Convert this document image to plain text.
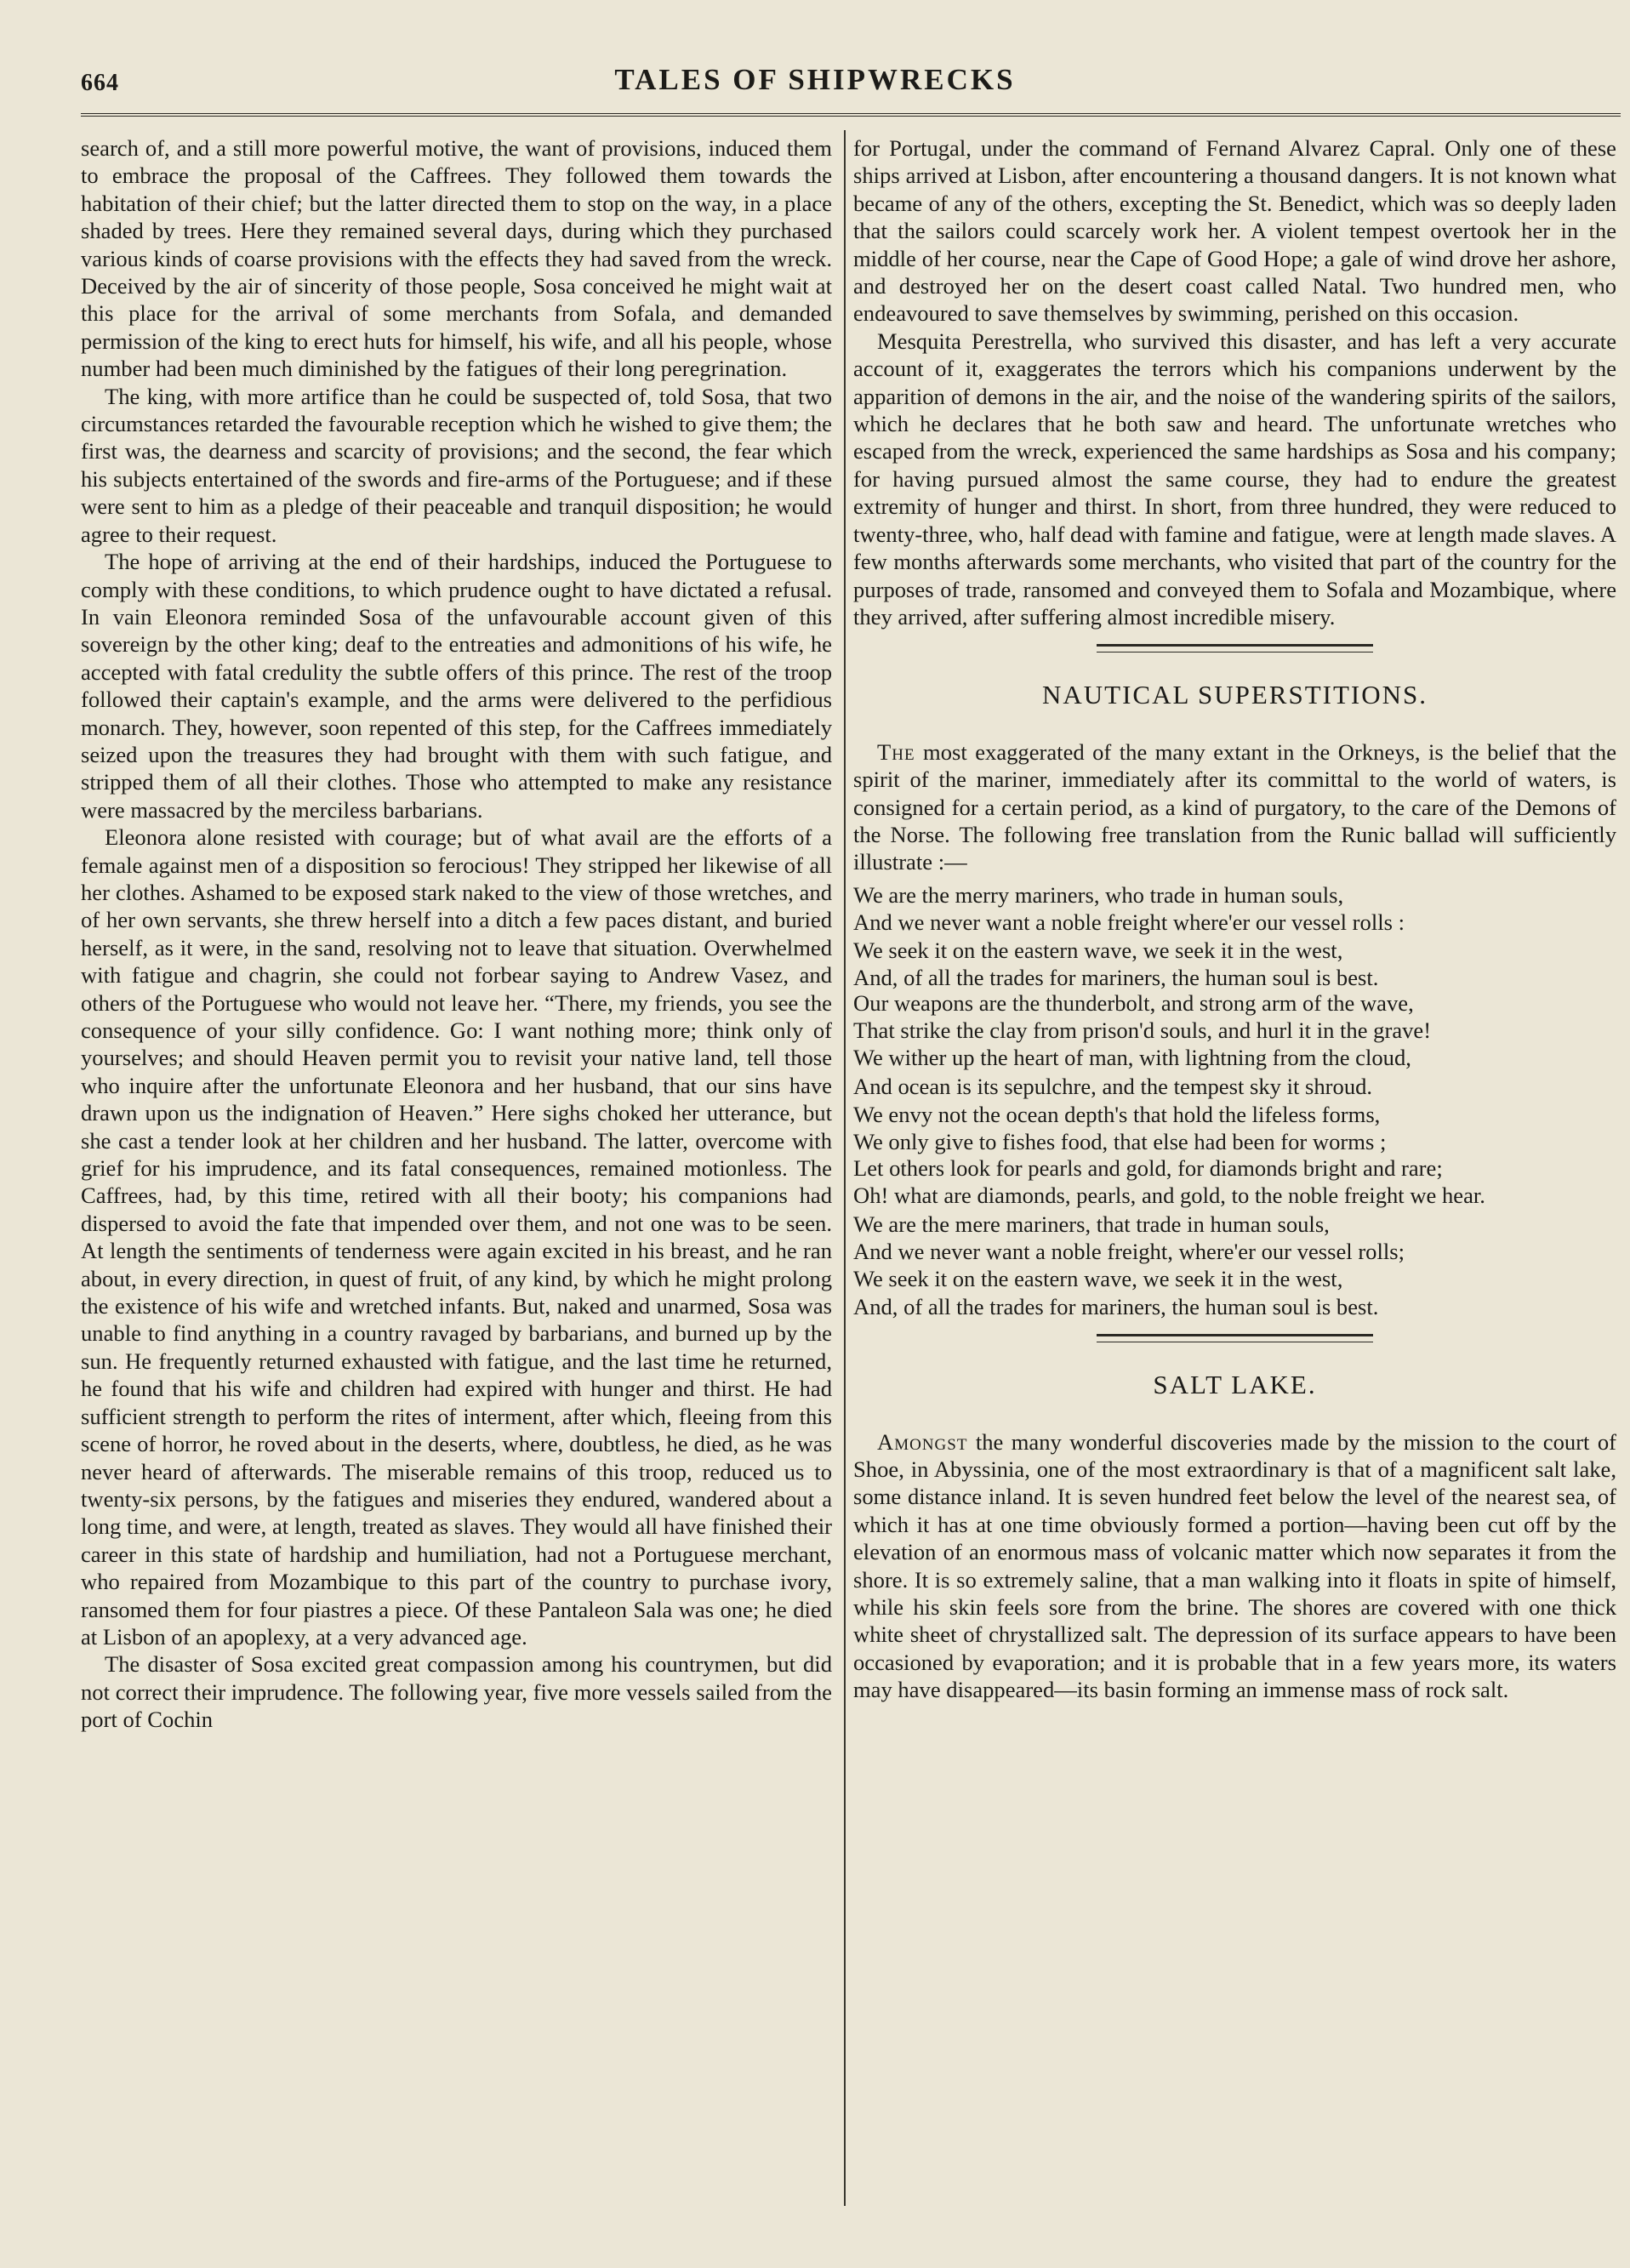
664	TALES OF SHIPWRECKS

search of, and a still more powerful motive, the want of provisions, induced them to embrace the proposal of the Caffrees. They followed them towards the habitation of their chief; but the latter directed them to stop on the way, in a place shaded by trees. Here they remained several days, during which they purchased various kinds of coarse provisions with the effects they had saved from the wreck. Deceived by the air of sincerity of those people, Sosa conceived he might wait at this place for the arrival of some merchants from Sofala, and demanded permission of the king to erect huts for himself, his wife, and all his people, whose number had been much diminished by the fatigues of their long peregrination.

The king, with more artifice than he could be suspected of, told Sosa, that two circumstances retarded the favourable reception which he wished to give them; the first was, the dearness and scarcity of provisions; and the second, the fear which his subjects entertained of the swords and fire-arms of the Portuguese; and if these were sent to him as a pledge of their peaceable and tranquil disposition; he would agree to their request.

The hope of arriving at the end of their hardships, induced the Portuguese to comply with these conditions, to which prudence ought to have dictated a refusal. In vain Eleonora reminded Sosa of the unfavourable account given of this sovereign by the other king; deaf to the entreaties and admonitions of his wife, he accepted with fatal credulity the subtle offers of this prince. The rest of the troop followed their captain's example, and the arms were delivered to the perfidious monarch. They, however, soon repented of this step, for the Caffrees immediately seized upon the treasures they had brought with them with such fatigue, and stripped them of all their clothes. Those who attempted to make any resistance were massacred by the merciless barbarians.

Eleonora alone resisted with courage; but of what avail are the efforts of a female against men of a disposition so ferocious! They stripped her likewise of all her clothes. Ashamed to be exposed stark naked to the view of those wretches, and of her own servants, she threw herself into a ditch a few paces distant, and buried herself, as it were, in the sand, resolving not to leave that situation. Overwhelmed with fatigue and chagrin, she could not forbear saying to Andrew Vasez, and others of the Portuguese who would not leave her. “There, my friends, you see the consequence of your silly confidence. Go: I want nothing more; think only of yourselves; and should Heaven permit you to revisit your native land, tell those who inquire after the unfortunate Eleonora and her husband, that our sins have drawn upon us the indignation of Heaven.” Here sighs choked her utterance, but she cast a tender look at her children and her husband. The latter, overcome with grief for his imprudence, and its fatal consequences, remained motionless. The Caffrees, had, by this time, retired with all their booty; his companions had dispersed to avoid the fate that impended over them, and not one was to be seen. At length the sentiments of tenderness were again excited in his breast, and he ran about, in every direction, in quest of fruit, of any kind, by which he might prolong the existence of his wife and wretched infants. But, naked and unarmed, Sosa was unable to find anything in a country ravaged by barbarians, and burned up by the sun. He frequently returned exhausted with fatigue, and the last time he returned, he found that his wife and children had expired with hunger and thirst. He had sufficient strength to perform the rites of interment, after which, fleeing from this scene of horror, he roved about in the deserts, where, doubtless, he died, as he was never heard of afterwards. The miserable remains of this troop, reduced us to twenty-six persons, by the fatigues and miseries they endured, wandered about a long time, and were, at length, treated as slaves. They would all have finished their career in this state of hardship and humiliation, had not a Portuguese merchant, who repaired from Mozambique to this part of the country to purchase ivory, ransomed them for four piastres a piece. Of these Pantaleon Sala was one; he died at Lisbon of an apoplexy, at a very advanced age.

The disaster of Sosa excited great compassion among his countrymen, but did not correct their imprudence. The following year, five more vessels sailed from the port of Cochin

for Portugal, under the command of Fernand Alvarez Capral. Only one of these ships arrived at Lisbon, after encountering a thousand dangers. It is not known what became of any of the others, excepting the St. Benedict, which was so deeply laden that the sailors could scarcely work her. A violent tempest overtook her in the middle of her course, near the Cape of Good Hope; a gale of wind drove her ashore, and destroyed her on the desert coast called Natal. Two hundred men, who endeavoured to save themselves by swimming, perished on this occasion.

Mesquita Perestrella, who survived this disaster, and has left a very accurate account of it, exaggerates the terrors which his companions underwent by the apparition of demons in the air, and the noise of the wandering spirits of the sailors, which he declares that he both saw and heard. The unfortunate wretches who escaped from the wreck, experienced the same hardships as Sosa and his company; for having pursued almost the same course, they had to endure the greatest extremity of hunger and thirst. In short, from three hundred, they were reduced to twenty-three, who, half dead with famine and fatigue, were at length made slaves. A few months afterwards some merchants, who visited that part of the country for the purposes of trade, ransomed and conveyed them to Sofala and Mozambique, where they arrived, after suffering almost incredible misery.

NAUTICAL SUPERSTITIONS.

The most exaggerated of the many extant in the Orkneys, is the belief that the spirit of the mariner, immediately after its committal to the world of waters, is consigned for a certain period, as a kind of purgatory, to the care of the Demons of the Norse. The following free translation from the Runic ballad will sufficiently illustrate :—

We are the merry mariners, who trade in human souls,
And we never want a noble freight where'er our vessel rolls :
We seek it on the eastern wave, we seek it in the west,
And, of all the trades for mariners, the human soul is best.
Our weapons are the thunderbolt, and strong arm of the wave,
That strike the clay from prison'd souls, and hurl it in the grave!
We wither up the heart of man, with lightning from the cloud,
And ocean is its sepulchre, and the tempest sky it shroud.
We envy not the ocean depth's that hold the lifeless forms,
We only give to fishes food, that else had been for worms ;
Let others look for pearls and gold, for diamonds bright and rare;
Oh! what are diamonds, pearls, and gold, to the noble freight we hear.
We are the mere mariners, that trade in human souls,
And we never want a noble freight, where'er our vessel rolls;
We seek it on the eastern wave, we seek it in the west,
And, of all the trades for mariners, the human soul is best.
SALT LAKE.

Amongst the many wonderful discoveries made by the mission to the court of Shoe, in Abyssinia, one of the most extraordinary is that of a magnificent salt lake, some distance inland. It is seven hundred feet below the level of the nearest sea, of which it has at one time obviously formed a portion—having been cut off by the elevation of an enormous mass of volcanic matter which now separates it from the shore. It is so extremely saline, that a man walking into it floats in spite of himself, while his skin feels sore from the brine. The shores are covered with one thick white sheet of chrystallized salt. The depression of its surface appears to have been occasioned by evaporation; and it is probable that in a few years more, its waters may have disappeared—its basin forming an immense mass of rock salt.
